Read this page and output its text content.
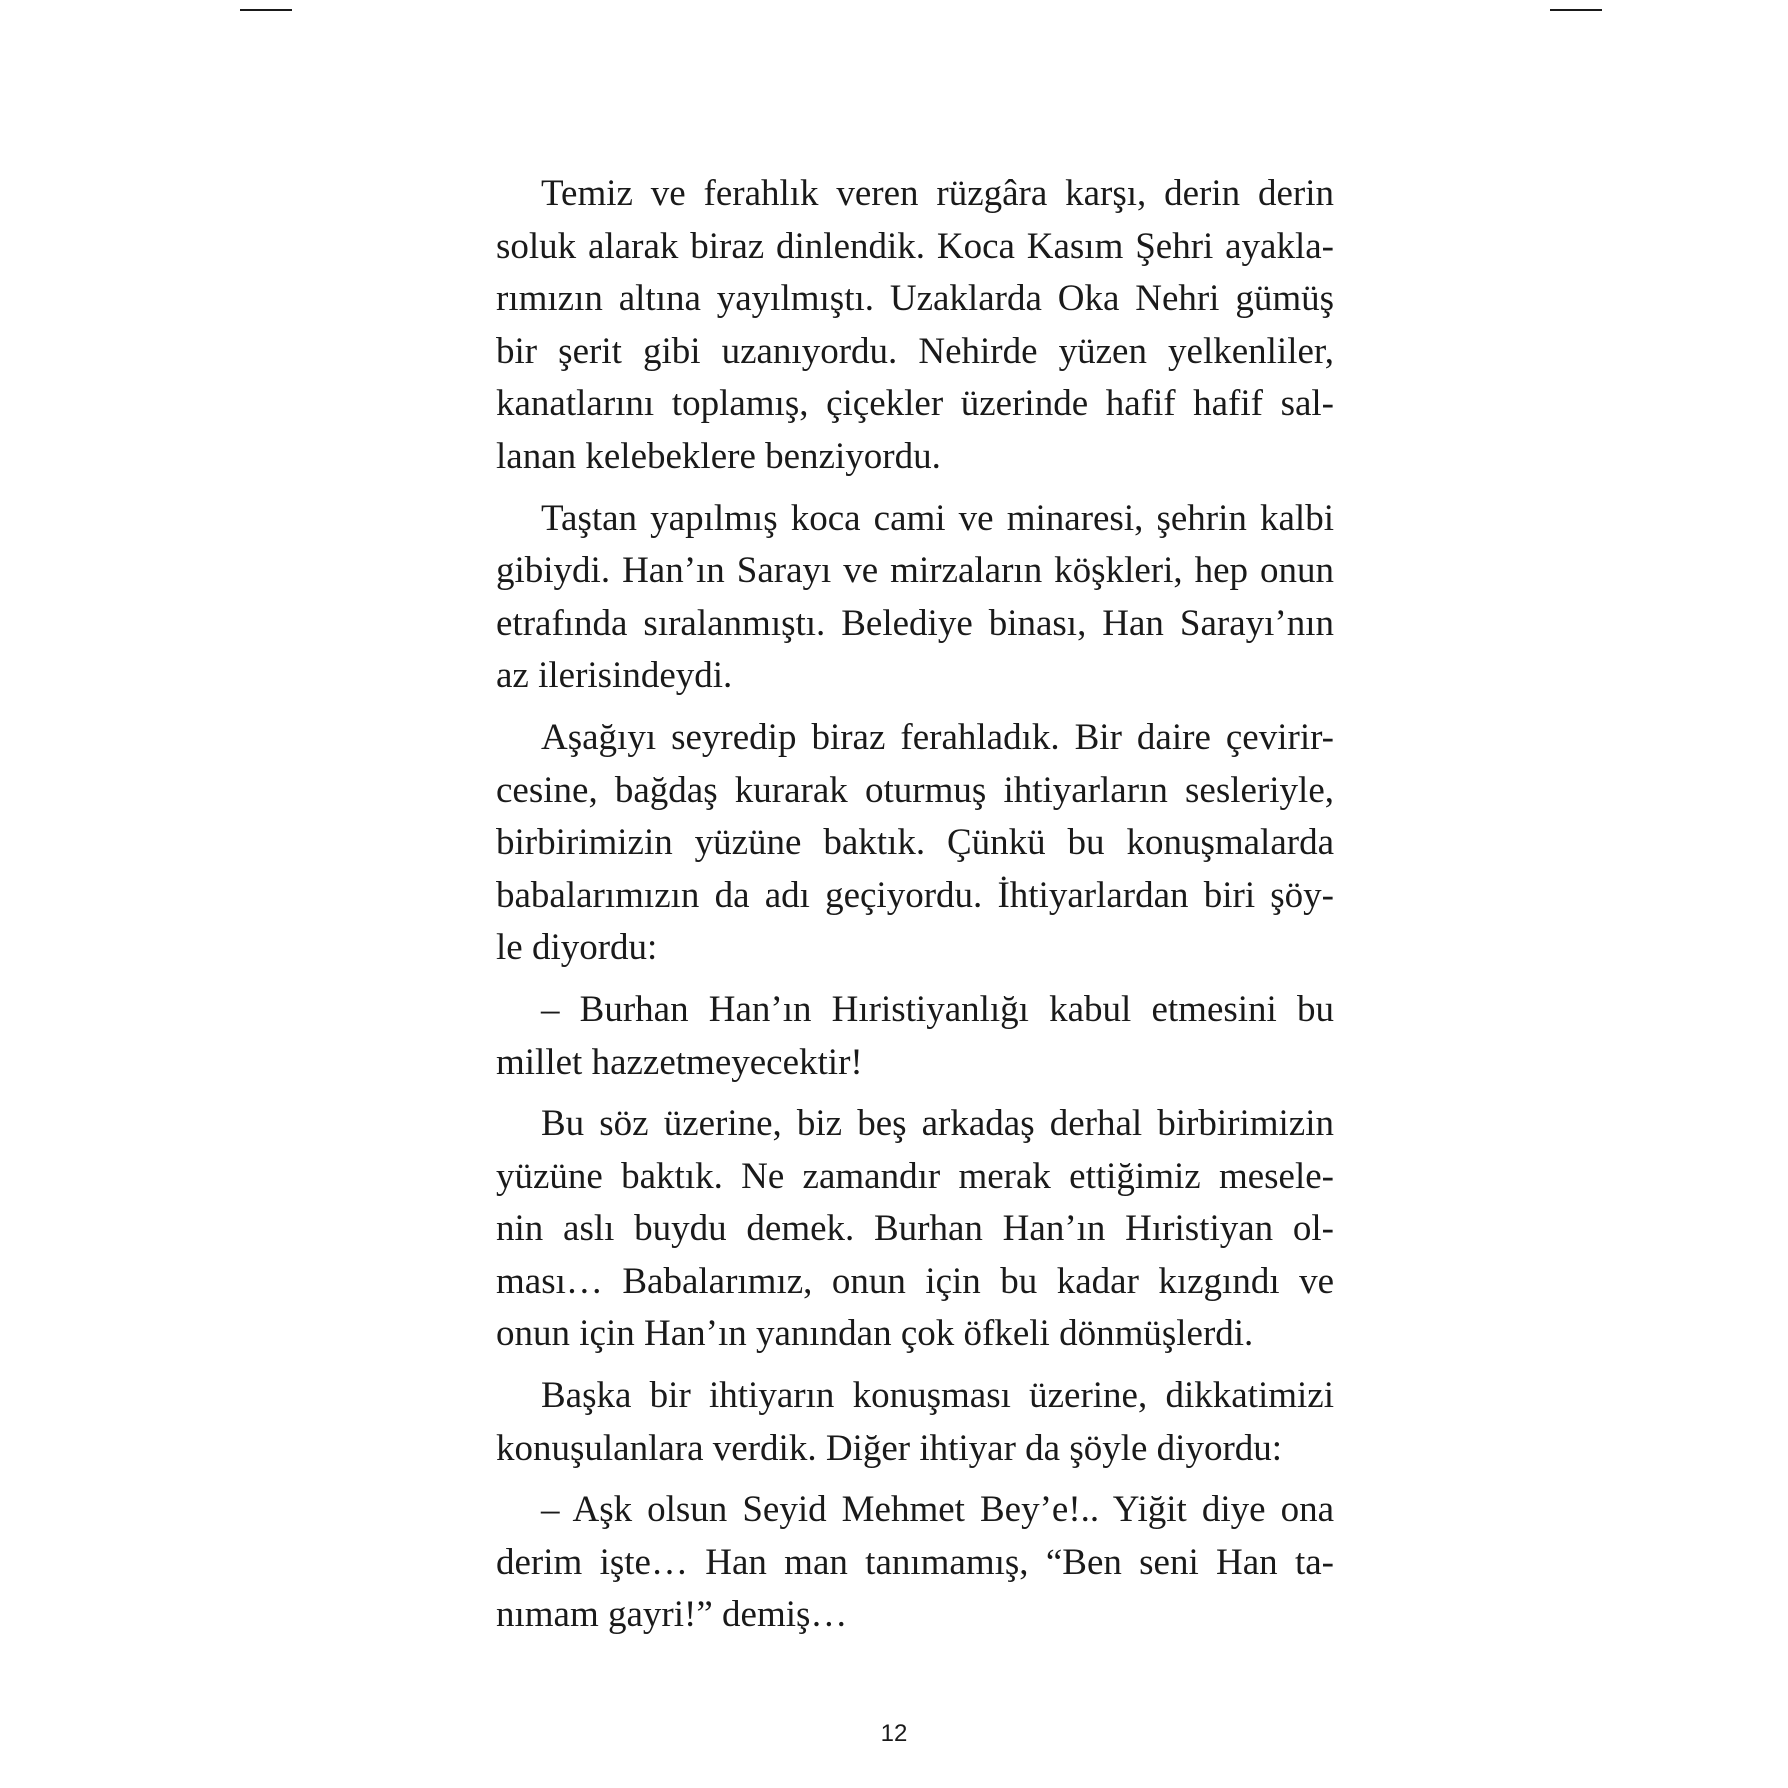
Temiz ve ferahlık veren rüzgâra karşı, derin derin
soluk alarak biraz dinlendik. Koca Kasım Şehri ayakla-
rımızın altına yayılmıştı. Uzaklarda Oka Nehri gümüş
bir şerit gibi uzanıyordu. Nehirde yüzen yelkenliler,
kanatlarını toplamış, çiçekler üzerinde hafif hafif sal-
lanan kelebeklere benziyordu.
Taştan yapılmış koca cami ve minaresi, şehrin kalbi
gibiydi. Han’ın Sarayı ve mirzaların köşkleri, hep onun
etrafında sıralanmıştı. Belediye binası, Han Sarayı’nın
az ilerisindeydi.
Aşağıyı seyredip biraz ferahladık. Bir daire çevirir-
cesine, bağdaş kurarak oturmuş ihtiyarların sesleriyle,
birbirimizin yüzüne baktık. Çünkü bu konuşmalarda
babalarımızın da adı geçiyordu. İhtiyarlardan biri şöy-
le diyordu:
– Burhan Han’ın Hıristiyanlığı kabul etmesini bu
millet hazzetmeyecektir!
Bu söz üzerine, biz beş arkadaş derhal birbirimizin
yüzüne baktık. Ne zamandır merak ettiğimiz mesele-
nin aslı buydu demek. Burhan Han’ın Hıristiyan ol-
ması… Babalarımız, onun için bu kadar kızgındı ve
onun için Han’ın yanından çok öfkeli dönmüşlerdi.
Başka bir ihtiyarın konuşması üzerine, dikkatimizi
konuşulanlara verdik. Diğer ihtiyar da şöyle diyordu:
– Aşk olsun Seyid Mehmet Bey’e!.. Yiğit diye ona
derim işte… Han man tanımamış, “Ben seni Han ta-
nımam gayri!” demiş…
12
